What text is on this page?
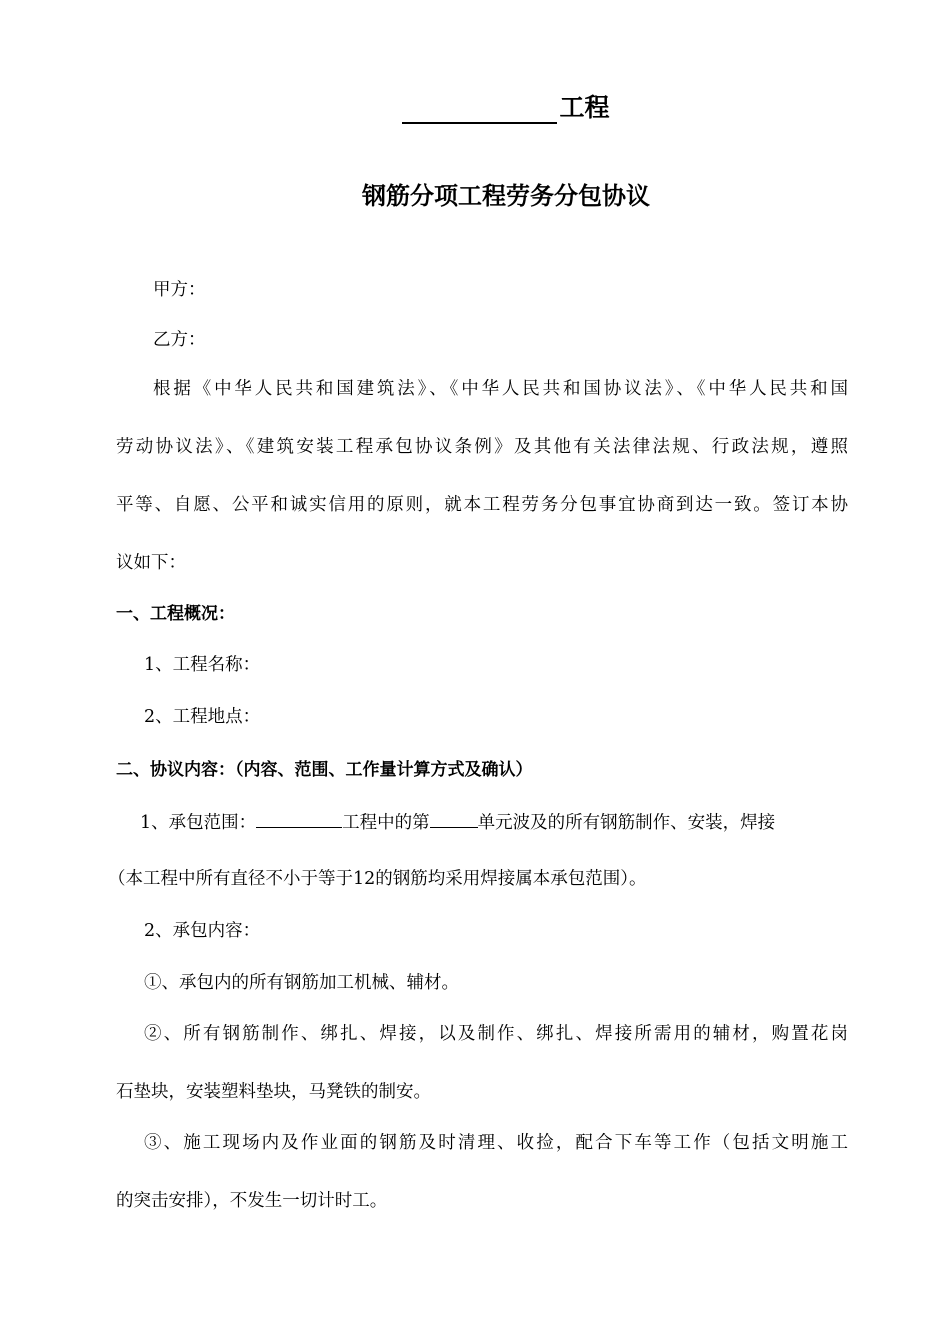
工程
钢筋分项工程劳务分包协议
甲方：
乙方：
根据《中华人民共和国建筑法》、《中华人民共和国协议法》、《中华人民共和国
劳动协议法》、《建筑安装工程承包协议条例》及其他有关法律法规、行政法规，遵照
平等、自愿、公平和诚实信用的原则，就本工程劳务分包事宜协商到达一致。签订本协
议如下：
一、工程概况：
1、工程名称：
2、工程地点：
二、协议内容：（内容、范围、工作量计算方式及确认）
1、承包范围：	工程中的第	单元波及的所有钢筋制作、安装，焊接
（本工程中所有直径不小于等于12的钢筋均采用焊接属本承包范围）。
2、承包内容：
①、承包内的所有钢筋加工机械、辅材。
②、所有钢筋制作、绑扎、焊接，以及制作、绑扎、焊接所需用的辅材，购置花岗
石垫块，安装塑料垫块，马凳铁的制安。
③、施工现场内及作业面的钢筋及时清理、收捡，配合下车等工作（包括文明施工
的突击安排），不发生一切计时工。
